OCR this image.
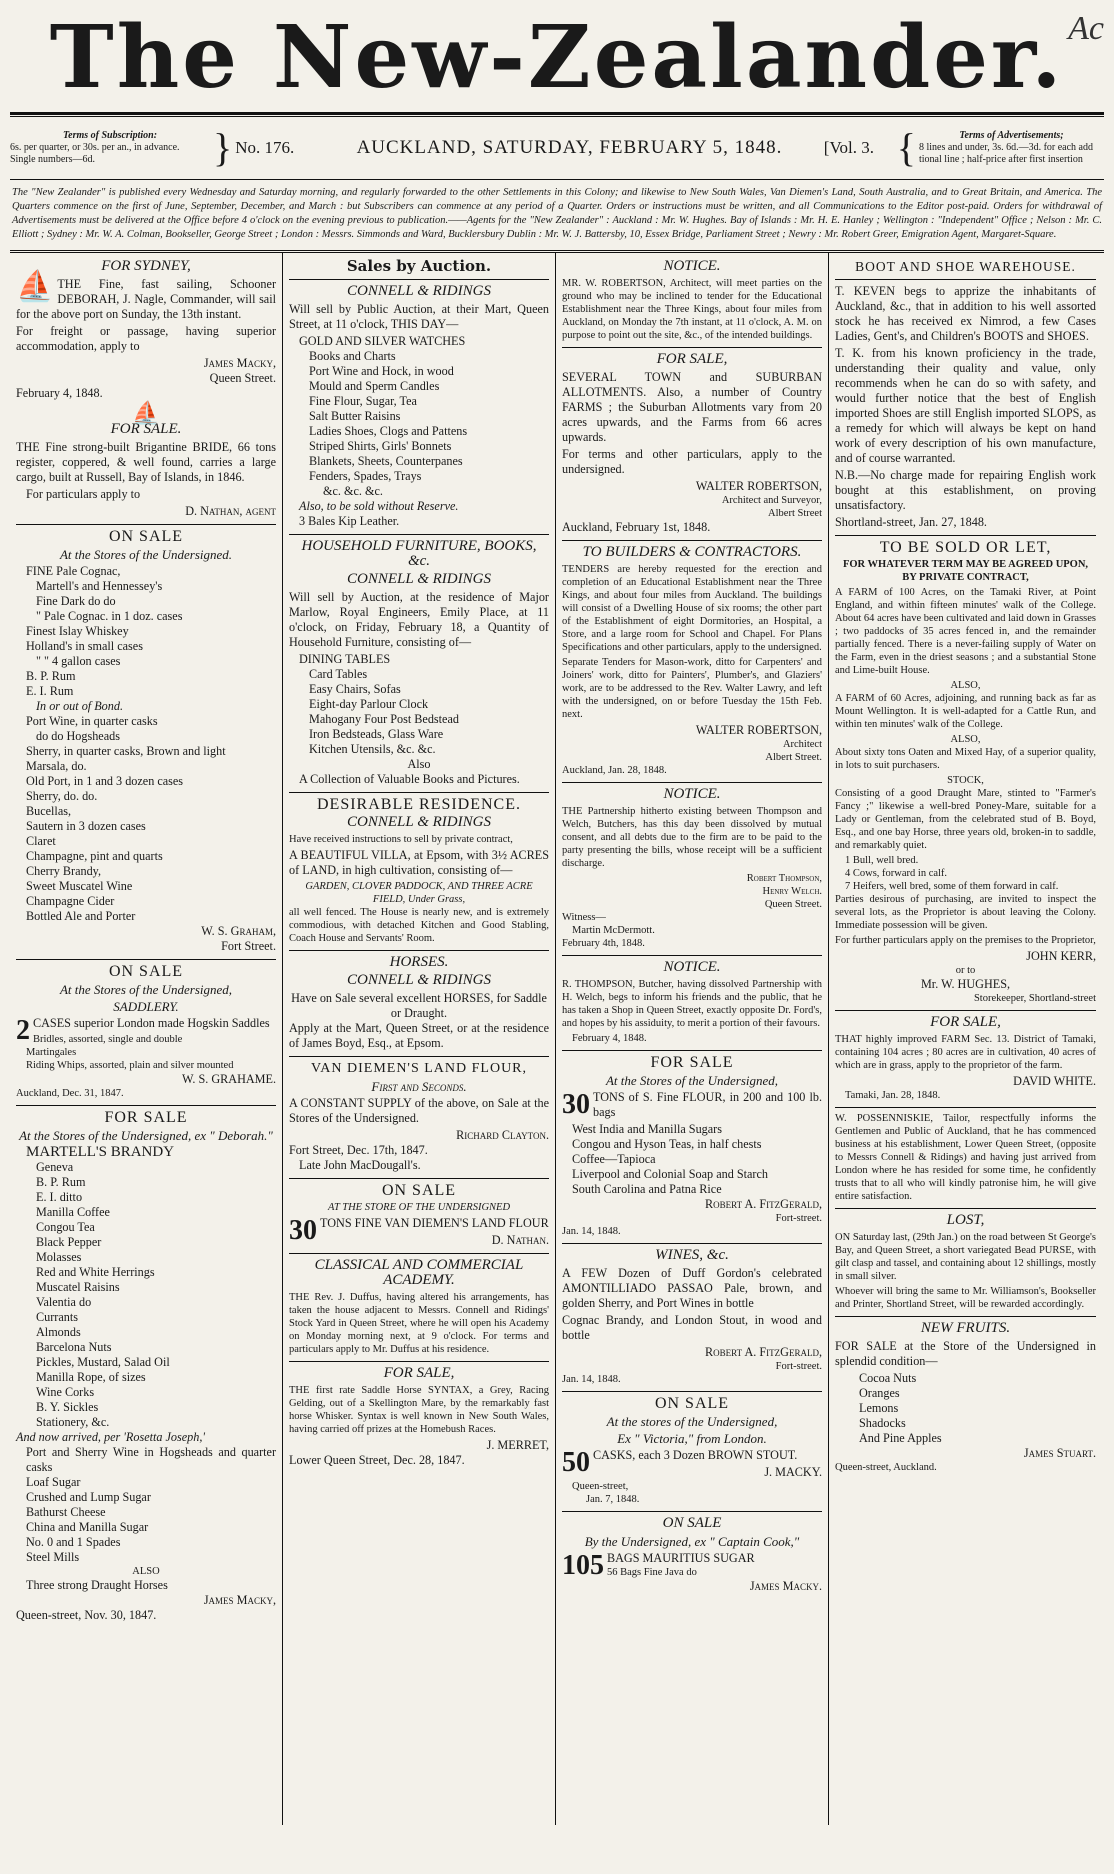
The New-Zealander. Ac
Terms of Subscription:
6s. per quarter, or 30s. per an., in advance.
Single numbers—6d.	} No. 176.	AUCKLAND, SATURDAY, FEBRUARY 5, 1848.	[Vol. 3. {	Terms of Advertisements;
8 lines and under, 3s. 6d.—3d. for each add
tional line ; half-price after first insertion
The "New Zealander" is published every Wednesday and Saturday morning, and regularly forwarded to the other Settlements in this Colony; and likewise to New South Wales, Van Diemen's Land, South Australia, and to Great Britain, and America. The Quarters commence on the first of June, September, December, and March : but Subscribers can commence at any period of a Quarter. Orders or instructions must be written, and all Communications to the Editor post-paid. Orders for withdrawal of Advertisements must be delivered at the Office before 4 o'clock on the evening previous to publication.——Agents for the "New Zealander" : Auckland : Mr. W. Hughes. Bay of Islands : Mr. H. E. Hanley ; Wellington : "Independent" Office ; Nelson : Mr. C. Elliott ; Sydney : Mr. W. A. Colman, Bookseller, George Street ; London : Messrs. Simmonds and Ward, Bucklersbury Dublin : Mr. W. J. Battersby, 10, Essex Bridge, Parliament Street ; Newry : Mr. Robert Greer, Emigration Agent, Margaret-Square.
FOR SYDNEY,
⛵ THE Fine, fast sailing, Schooner DEBORAH, J. Nagle, Commander, will sail for the above port on Sunday, the 13th instant.

For freight or passage, having superior accommodation, apply to

James Macky,

Queen Street.

February 4, 1848.

⛵
FOR SALE.

THE Fine strong-built Brigantine BRIDE, 66 tons register, coppered, & well found, carries a large cargo, built at Russell, Bay of Islands, in 1846.

For particulars apply to

D. Nathan, agent

ON SALE
At the Stores of the Undersigned.

FINE Pale Cognac,

Martell's and Hennessey's

Fine Dark do do

" Pale Cognac. in 1 doz. cases

Finest Islay Whiskey

Holland's in small cases

" " 4 gallon cases

B. P. Rum

E. I. Rum

In or out of Bond.

Port Wine, in quarter casks

do do Hogsheads

Sherry, in quarter casks, Brown and light

Marsala, do.

Old Port, in 1 and 3 dozen cases

Sherry, do. do.

Bucellas,

Sautern in 3 dozen cases

Claret

Champagne, pint and quarts

Cherry Brandy,

Sweet Muscatel Wine

Champagne Cider

Bottled Ale and Porter

W. S. Graham,

Fort Street.

ON SALE
At the Stores of the Undersigned,
SADDLERY.
2 CASES superior London made Hogskin Saddles

Bridles, assorted, single and double

Martingales

Riding Whips, assorted, plain and silver mounted

W. S. GRAHAME.

Auckland, Dec. 31, 1847.

FOR SALE
At the Stores of the Undersigned, ex " Deborah."

MARTELL'S BRANDY

Geneva

B. P. Rum

E. I. ditto

Manilla Coffee

Congou Tea

Black Pepper

Molasses

Red and White Herrings

Muscatel Raisins

Valentia do

Currants

Almonds

Barcelona Nuts

Pickles, Mustard, Salad Oil

Manilla Rope, of sizes

Wine Corks

B. Y. Sickles

Stationery, &c.

And now arrived, per 'Rosetta Joseph,'

Port and Sherry Wine in Hogsheads and quarter casks

Loaf Sugar

Crushed and Lump Sugar

Bathurst Cheese

China and Manilla Sugar

No. 0 and 1 Spades

Steel Mills

ALSO

Three strong Draught Horses

James Macky,

Queen-street, Nov. 30, 1847.

Sales by Auction.
CONNELL & RIDINGS

Will sell by Public Auction, at their Mart, Queen Street, at 11 o'clock, THIS DAY—

GOLD AND SILVER WATCHES

Books and Charts

Port Wine and Hock, in wood

Mould and Sperm Candles

Fine Flour, Sugar, Tea

Salt Butter Raisins

Ladies Shoes, Clogs and Pattens

Striped Shirts, Girls' Bonnets

Blankets, Sheets, Counterpanes

Fenders, Spades, Trays

&c. &c. &c.

Also, to be sold without Reserve.

3 Bales Kip Leather.

HOUSEHOLD FURNITURE, BOOKS, &c.
CONNELL & RIDINGS

Will sell by Auction, at the residence of Major Marlow, Royal Engineers, Emily Place, at 11 o'clock, on Friday, February 18, a Quantity of Household Furniture, consisting of—

DINING TABLES

Card Tables

Easy Chairs, Sofas

Eight-day Parlour Clock

Mahogany Four Post Bedstead

Iron Bedsteads, Glass Ware

Kitchen Utensils, &c. &c.

Also

A Collection of Valuable Books and Pictures.

DESIRABLE RESIDENCE.
CONNELL & RIDINGS

Have received instructions to sell by private contract,

A BEAUTIFUL VILLA, at Epsom, with 3½ ACRES of LAND, in high cultivation, consisting of—

GARDEN, CLOVER PADDOCK, AND THREE ACRE FIELD, Under Grass,

all well fenced. The House is nearly new, and is extremely commodious, with detached Kitchen and Good Stabling, Coach House and Servants' Room.

HORSES.
CONNELL & RIDINGS

Have on Sale several excellent HORSES, for Saddle or Draught.

Apply at the Mart, Queen Street, or at the residence of James Boyd, Esq., at Epsom.

VAN DIEMEN'S LAND FLOUR,
First and Seconds.

A CONSTANT SUPPLY of the above, on Sale at the Stores of the Undersigned.

Richard Clayton.

Fort Street, Dec. 17th, 1847.

Late John MacDougall's.

ON SALE
AT THE STORE OF THE UNDERSIGNED
30 TONS FINE VAN DIEMEN'S LAND FLOUR

D. Nathan.

CLASSICAL AND COMMERCIAL ACADEMY.

THE Rev. J. Duffus, having altered his arrangements, has taken the house adjacent to Messrs. Connell and Ridings' Stock Yard in Queen Street, where he will open his Academy on Monday morning next, at 9 o'clock. For terms and particulars apply to Mr. Duffus at his residence.

FOR SALE,

THE first rate Saddle Horse SYNTAX, a Grey, Racing Gelding, out of a Skellington Mare, by the remarkably fast horse Whisker. Syntax is well known in New South Wales, having carried off prizes at the Homebush Races.

J. MERRET,

Lower Queen Street, Dec. 28, 1847.

NOTICE.

MR. W. ROBERTSON, Architect, will meet parties on the ground who may be inclined to tender for the Educational Establishment near the Three Kings, about four miles from Auckland, on Monday the 7th instant, at 11 o'clock, A. M. on purpose to point out the site, &c., of the intended buildings.

FOR SALE,

SEVERAL TOWN and SUBURBAN ALLOTMENTS. Also, a number of Country FARMS ; the Suburban Allotments vary from 20 acres upwards, and the Farms from 66 acres upwards.

For terms and other particulars, apply to the undersigned.

WALTER ROBERTSON,

Architect and Surveyor,

Albert Street

Auckland, February 1st, 1848.

TO BUILDERS & CONTRACTORS.

TENDERS are hereby requested for the erection and completion of an Educational Establishment near the Three Kings, and about four miles from Auckland. The buildings will consist of a Dwelling House of six rooms; the other part of the Establishment of eight Dormitories, an Hospital, a Store, and a large room for School and Chapel. For Plans Specifications and other particulars, apply to the undersigned.

Separate Tenders for Mason-work, ditto for Carpenters' and Joiners' work, ditto for Painters', Plumber's, and Glaziers' work, are to be addressed to the Rev. Walter Lawry, and left with the undersigned, on or before Tuesday the 15th Feb. next.

WALTER ROBERTSON,

Architect

Albert Street.

Auckland, Jan. 28, 1848.

NOTICE.

THE Partnership hitherto existing between Thompson and Welch, Butchers, has this day been dissolved by mutual consent, and all debts due to the firm are to be paid to the party presenting the bills, whose receipt will be a sufficient discharge.

Robert Thompson,

Henry Welch.

Queen Street.

Witness—

Martin McDermott.

February 4th, 1848.

NOTICE.

R. THOMPSON, Butcher, having dissolved Partnership with H. Welch, begs to inform his friends and the public, that he has taken a Shop in Queen Street, exactly opposite Dr. Ford's, and hopes by his assiduity, to merit a portion of their favours.

February 4, 1848.

FOR SALE
At the Stores of the Undersigned,
30 TONS of S. Fine FLOUR, in 200 and 100 lb. bags

West India and Manilla Sugars

Congou and Hyson Teas, in half chests

Coffee—Tapioca

Liverpool and Colonial Soap and Starch

South Carolina and Patna Rice

Robert A. FitzGerald,

Fort-street.

Jan. 14, 1848.

WINES, &c.

A FEW Dozen of Duff Gordon's celebrated AMONTILLIADO PASSAO Pale, brown, and golden Sherry, and Port Wines in bottle

Cognac Brandy, and London Stout, in wood and bottle

Robert A. FitzGerald,

Fort-street.

Jan. 14, 1848.

ON SALE
At the stores of the Undersigned,
Ex " Victoria," from London.
50 CASKS, each 3 Dozen BROWN STOUT.

J. MACKY.

Queen-street,

Jan. 7, 1848.

ON SALE
By the Undersigned, ex " Captain Cook,"
105 BAGS MAURITIUS SUGAR

56 Bags Fine Java do

James Macky.

BOOT AND SHOE WAREHOUSE.

T. KEVEN begs to apprize the inhabitants of Auckland, &c., that in addition to his well assorted stock he has received ex Nimrod, a few Cases Ladies, Gent's, and Children's BOOTS and SHOES.

T. K. from his known proficiency in the trade, understanding their quality and value, only recommends when he can do so with safety, and would further notice that the best of English imported Shoes are still English imported SLOPS, as a remedy for which will always be kept on hand work of every description of his own manufacture, and of course warranted.

N.B.—No charge made for repairing English work bought at this establishment, on proving unsatisfactory.

Shortland-street, Jan. 27, 1848.

TO BE SOLD OR LET,
FOR WHATEVER TERM MAY BE AGREED UPON, BY PRIVATE CONTRACT,

A FARM of 100 Acres, on the Tamaki River, at Point England, and within fifteen minutes' walk of the College. About 64 acres have been cultivated and laid down in Grasses ; two paddocks of 35 acres fenced in, and the remainder partially fenced. There is a never-failing supply of Water on the Farm, even in the driest seasons ; and a substantial Stone and Lime-built House.

ALSO,

A FARM of 60 Acres, adjoining, and running back as far as Mount Wellington. It is well-adapted for a Cattle Run, and within ten minutes' walk of the College.

ALSO,

About sixty tons Oaten and Mixed Hay, of a superior quality, in lots to suit purchasers.

STOCK,

Consisting of a good Draught Mare, stinted to "Farmer's Fancy ;" likewise a well-bred Poney-Mare, suitable for a Lady or Gentleman, from the celebrated stud of B. Boyd, Esq., and one bay Horse, three years old, broken-in to saddle, and remarkably quiet.

1 Bull, well bred.

4 Cows, forward in calf.

7 Heifers, well bred, some of them forward in calf.

Parties desirous of purchasing, are invited to inspect the several lots, as the Proprietor is about leaving the Colony. Immediate possession will be given.

For further particulars apply on the premises to the Proprietor,

JOHN KERR,

or to

Mr. W. HUGHES,

Storekeeper, Shortland-street

FOR SALE,

THAT highly improved FARM Sec. 13. District of Tamaki, containing 104 acres ; 80 acres are in cultivation, 40 acres of which are in grass, apply to the proprietor of the farm.

DAVID WHITE.

Tamaki, Jan. 28, 1848.

W. POSSENNISKIE, Tailor, respectfully informs the Gentlemen and Public of Auckland, that he has commenced business at his establishment, Lower Queen Street, (opposite to Messrs Connell & Ridings) and having just arrived from London where he has resided for some time, he confidently trusts that to all who will kindly patronise him, he will give entire satisfaction.

LOST,

ON Saturday last, (29th Jan.) on the road between St George's Bay, and Queen Street, a short variegated Bead PURSE, with gilt clasp and tassel, and containing about 12 shillings, mostly in small silver.

Whoever will bring the same to Mr. Williamson's, Bookseller and Printer, Shortland Street, will be rewarded accordingly.

NEW FRUITS.

FOR SALE at the Store of the Undersigned in splendid condition—

Cocoa Nuts

Oranges

Lemons

Shadocks

And Pine Apples

James Stuart.

Queen-street, Auckland.
